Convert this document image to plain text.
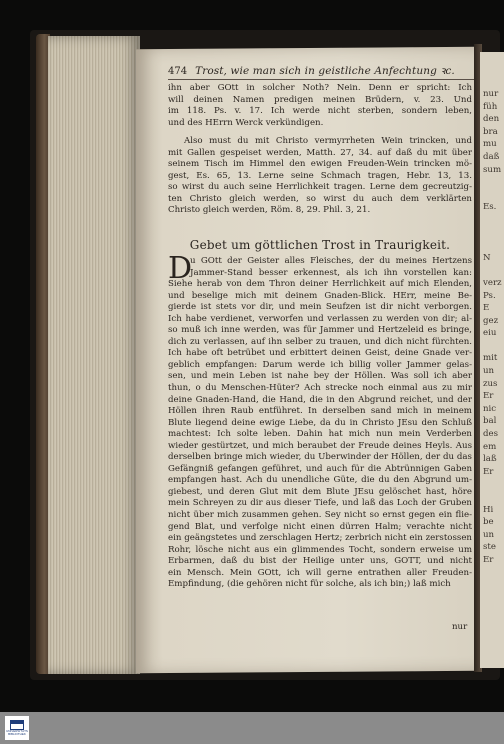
nur
füh
den
bra
mu
daß
sum

Es.

N

verz
Ps.
E
gez
eiu

mit
un
zus
Er
nic
bal
des
em
laß
Er

Hi
be
un
ste
Er
474 Trost, wie man sich in geistliche Anfechtung ꝛc.
ihn aber GOtt in solcher Noth? Nein. Denn er spricht: Ich
will deinen Namen predigen meinen Brüdern, v. 23. Und
im 118. Ps. v. 17. Ich werde nicht sterben, sondern leben,
und des HErrn Werck verkündigen.
Also must du mit Christo vermyrrheten Wein trincken, und
mit Gallen gespeiset werden, Matth. 27, 34. auf daß du mit über
seinem Tisch im Himmel den ewigen Freuden-Wein trincken mö-
gest, Es. 65, 13. Lerne seine Schmach tragen, Hebr. 13, 13.
so wirst du auch seine Herrlichkeit tragen. Lerne dem gecreutzig-
ten Christo gleich werden, so wirst du auch dem verklärten
Christo gleich werden, Röm. 8, 29. Phil. 3, 21.
Gebet um göttlichen Trost in Traurigkeit.
D
u GOtt der Geister alles Fleisches, der du meines Hertzens
Jammer-Stand besser erkennest, als ich ihn vorstellen kan:
Siehe herab von dem Thron deiner Herrlichkeit auf mich Elenden,
und beselige mich mit deinem Gnaden-Blick. HErr, meine Be-
gierde ist stets vor dir, und mein Seufzen ist dir nicht verborgen.
Ich habe verdienet, verworfen und verlassen zu werden von dir; al-
so muß ich inne werden, was für Jammer und Hertzeleid es bringe,
dich zu verlassen, auf ihn selber zu trauen, und dich nicht fürchten.
Ich habe oft betrübet und erbittert deinen Geist, deine Gnade ver-
geblich empfangen: Darum werde ich billig voller Jammer gelas-
sen, und mein Leben ist nahe bey der Höllen. Was soll ich aber
thun, o du Menschen-Hüter? Ach strecke noch einmal aus zu mir
deine Gnaden-Hand, die Hand, die in den Abgrund reichet, und der
Höllen ihren Raub entführet. In derselben sand mich in meinem
Blute liegend deine ewige Liebe, da du in Christo JEsu den Schluß
machtest: Ich solte leben. Dahin hat mich nun mein Verderben
wieder gestürtzet, und mich beraubet der Freude deines Heyls. Aus
derselben bringe mich wieder, du Uberwinder der Höllen, der du das
Gefängniß gefangen geführet, und auch für die Abtrünnigen Gaben
empfangen hast. Ach du unendliche Güte, die du den Abgrund um-
giebest, und deren Glut mit dem Blute JEsu gelöschet hast, höre
mein Schreyen zu dir aus dieser Tiefe, und laß das Loch der Gruben
nicht über mich zusammen gehen. Sey nicht so ernst gegen ein flie-
gend Blat, und verfolge nicht einen dürren Halm; verachte nicht
ein geängstetes und zerschlagen Hertz; zerbrich nicht ein zerstossen
Rohr, lösche nicht aus ein glimmendes Tocht, sondern erweise um
Erbarmen, daß du bist der Heilige unter uns, GOTT, und nicht
ein Mensch. Mein GOtt, ich will gerne entrathen aller Freuden-
Empfindung, (die gehören nicht für solche, als ich bin;) laß mich
nur
UNIVERSITÄTS BIBLIOTHEK
